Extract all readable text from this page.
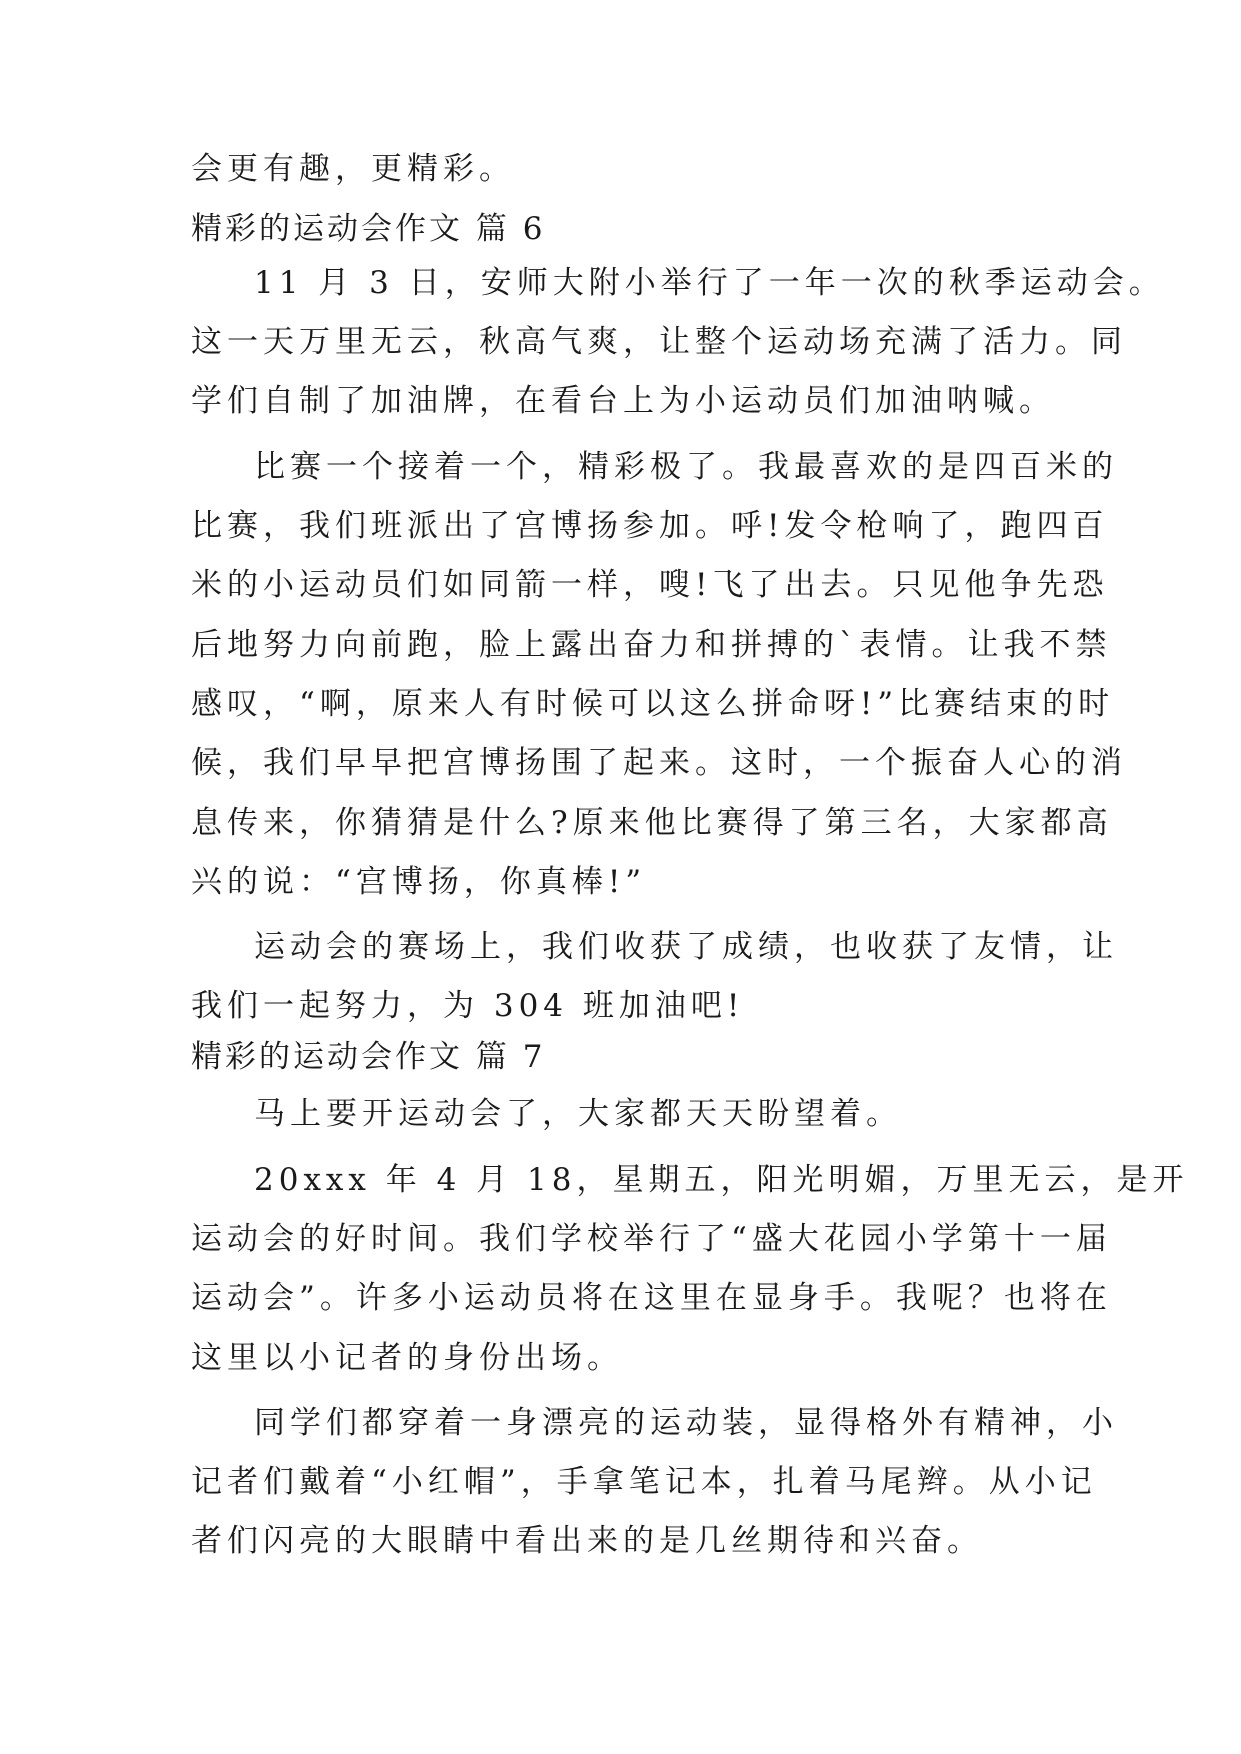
会更有趣，更精彩。
精彩的运动会作文 篇 6
11 月 3 日，安师大附小举行了一年一次的秋季运动会。
这一天万里无云，秋高气爽，让整个运动场充满了活力。同
学们自制了加油牌，在看台上为小运动员们加油呐喊。
比赛一个接着一个，精彩极了。我最喜欢的是四百米的
比赛，我们班派出了宫博扬参加。呼!发令枪响了，跑四百
米的小运动员们如同箭一样，嗖!飞了出去。只见他争先恐
后地努力向前跑，脸上露出奋力和拼搏的`表情。让我不禁
感叹，“啊，原来人有时候可以这么拼命呀!”比赛结束的时
候，我们早早把宫博扬围了起来。这时，一个振奋人心的消
息传来，你猜猜是什么?原来他比赛得了第三名，大家都高
兴的说：“宫博扬，你真棒!”
运动会的赛场上，我们收获了成绩，也收获了友情，让
我们一起努力，为 304 班加油吧!
精彩的运动会作文 篇 7
马上要开运动会了，大家都天天盼望着。
20xxx 年 4 月 18，星期五，阳光明媚，万里无云，是开
运动会的好时间。我们学校举行了“盛大花园小学第十一届
运动会”。许多小运动员将在这里在显身手。我呢？也将在
这里以小记者的身份出场。
同学们都穿着一身漂亮的运动装，显得格外有精神，小
记者们戴着“小红帽”，手拿笔记本，扎着马尾辫。从小记
者们闪亮的大眼睛中看出来的是几丝期待和兴奋。
